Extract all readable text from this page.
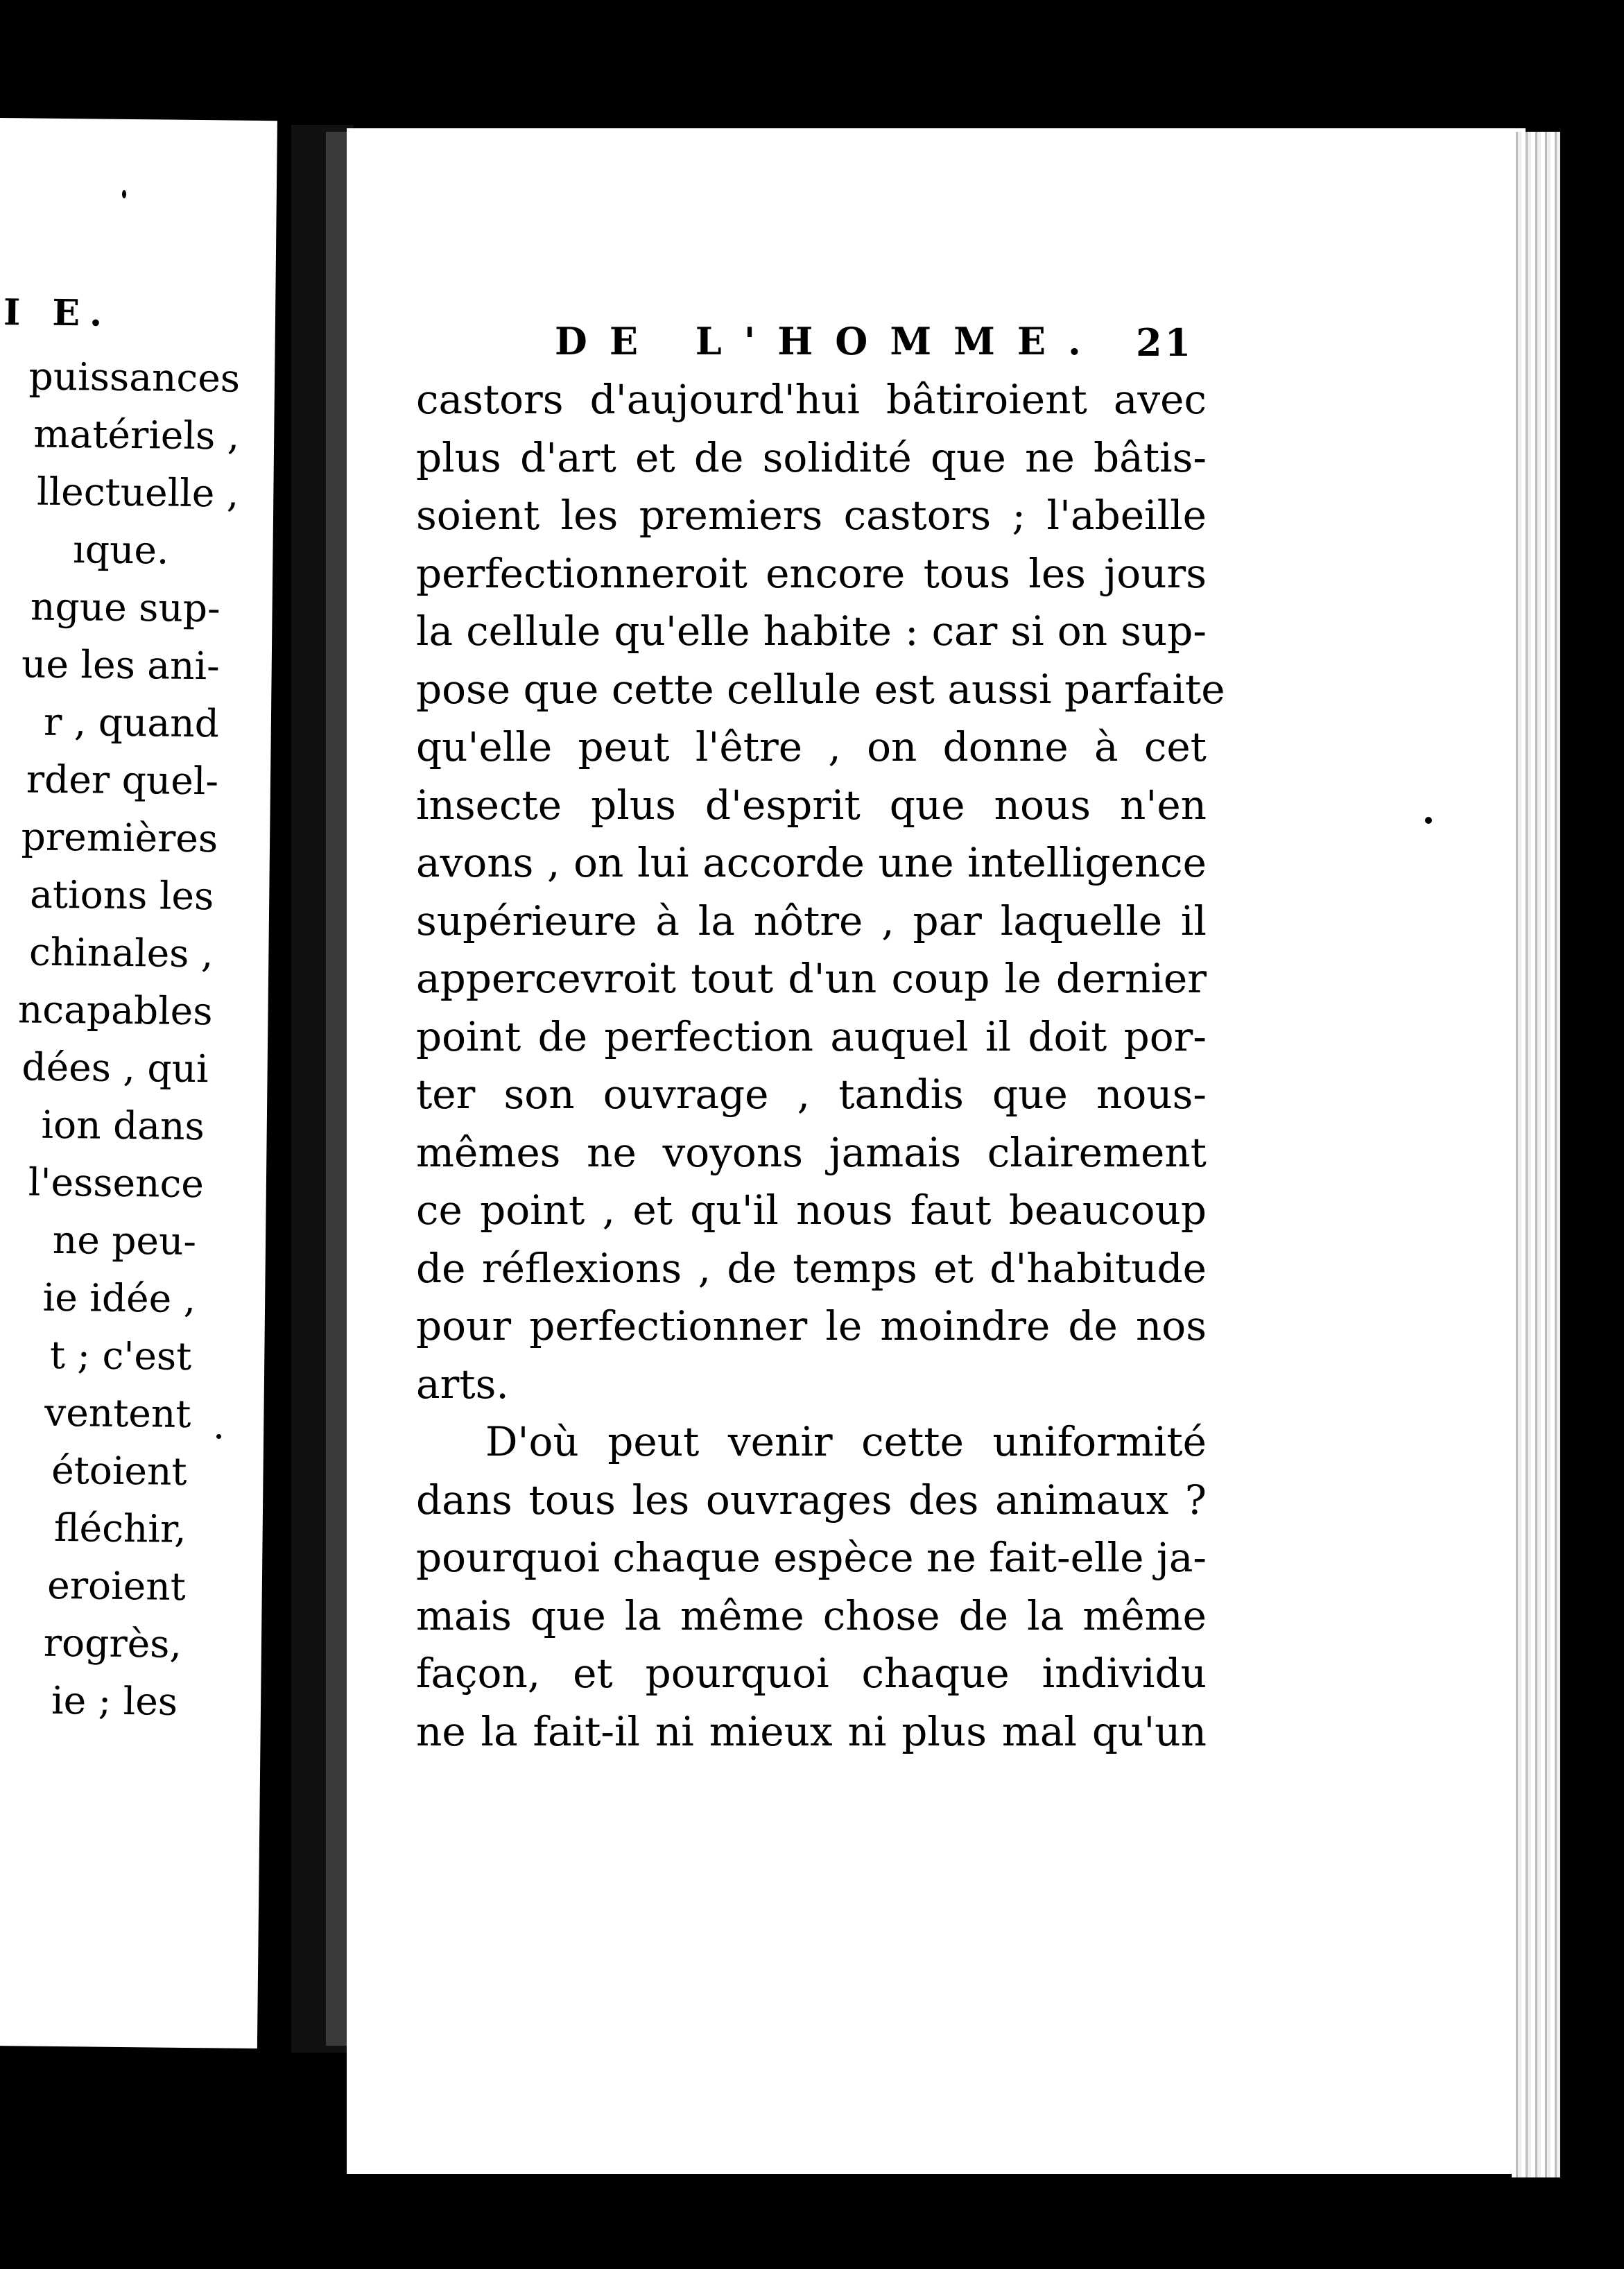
I E.
puissances
matériels ,
llectuelle ,
ıque.
ngue sup-
ue les ani-
r , quand
rder quel-
premières
ations les
chinales ,
ncapables
dées , qui
ion dans
l'essence
ne peu-
ie idée ,
t ; c'est
ventent
étoient
fléchir,
eroient
rogrès,
ie ; les
DE L'HOMME. 21
castors d'aujourd'hui bâtiroient avec
plus d'art et de solidité que ne bâtis-
soient les premiers castors ; l'abeille
perfectionneroit encore tous les jours
la cellule qu'elle habite : car si on sup-
pose que cette cellule est aussi parfaite
qu'elle peut l'être , on donne à cet
insecte plus d'esprit que nous n'en
avons , on lui accorde une intelligence
supérieure à la nôtre , par laquelle il
appercevroit tout d'un coup le dernier
point de perfection auquel il doit por-
ter son ouvrage , tandis que nous-
mêmes ne voyons jamais clairement
ce point , et qu'il nous faut beaucoup
de réflexions , de temps et d'habitude
pour perfectionner le moindre de nos
arts.
D'où peut venir cette uniformité
dans tous les ouvrages des animaux ?
pourquoi chaque espèce ne fait-elle ja-
mais que la même chose de la même
façon, et pourquoi chaque individu
ne la fait-il ni mieux ni plus mal qu'un
